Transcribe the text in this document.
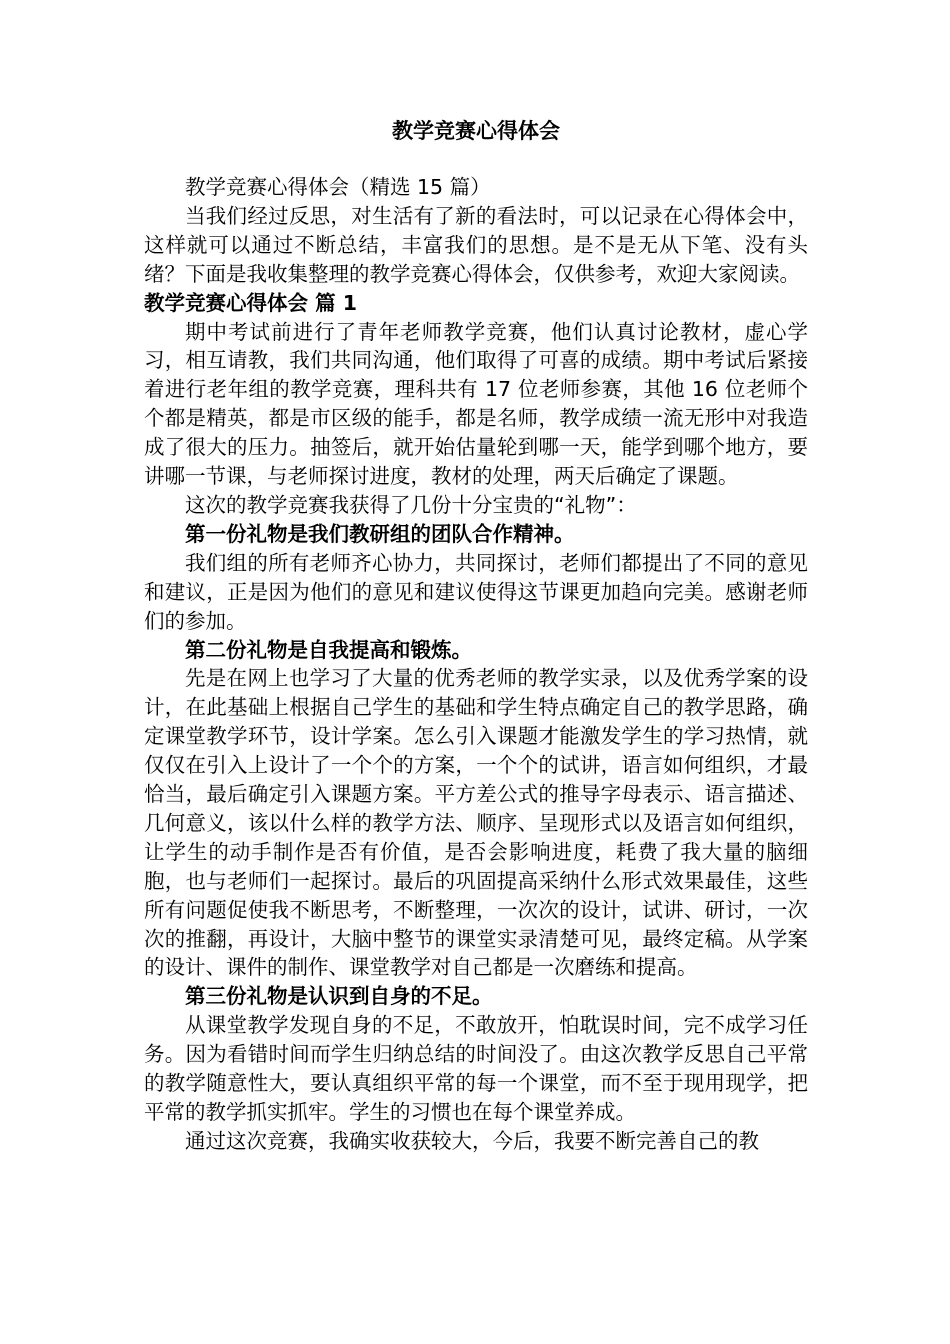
教学竞赛心得体会

教学竞赛心得体会（精选 15 篇）

当我们经过反思，对生活有了新的看法时，可以记录在心得体会中，这样就可以通过不断总结，丰富我们的思想。是不是无从下笔、没有头绪？下面是我收集整理的教学竞赛心得体会，仅供参考，欢迎大家阅读。

教学竞赛心得体会 篇 1

期中考试前进行了青年老师教学竞赛，他们认真讨论教材，虚心学习，相互请教，我们共同沟通，他们取得了可喜的成绩。期中考试后紧接着进行老年组的教学竞赛，理科共有 17 位老师参赛，其他 16 位老师个个都是精英，都是市区级的能手，都是名师，教学成绩一流无形中对我造成了很大的压力。抽签后，就开始估量轮到哪一天，能学到哪个地方，要讲哪一节课，与老师探讨进度，教材的处理，两天后确定了课题。

这次的教学竞赛我获得了几份十分宝贵的“礼物”：

第一份礼物是我们教研组的团队合作精神。

我们组的所有老师齐心协力，共同探讨，老师们都提出了不同的意见和建议，正是因为他们的意见和建议使得这节课更加趋向完美。感谢老师们的参加。

第二份礼物是自我提高和锻炼。

先是在网上也学习了大量的优秀老师的教学实录，以及优秀学案的设计，在此基础上根据自己学生的基础和学生特点确定自己的教学思路，确定课堂教学环节，设计学案。怎么引入课题才能激发学生的学习热情，就仅仅在引入上设计了一个个的方案，一个个的试讲，语言如何组织，才最恰当，最后确定引入课题方案。平方差公式的推导字母表示、语言描述、几何意义，该以什么样的教学方法、顺序、呈现形式以及语言如何组织，让学生的动手制作是否有价值，是否会影响进度，耗费了我大量的脑细胞，也与老师们一起探讨。最后的巩固提高采纳什么形式效果最佳，这些所有问题促使我不断思考，不断整理，一次次的设计，试讲、研讨，一次次的推翻，再设计，大脑中整节的课堂实录清楚可见，最终定稿。从学案的设计、课件的制作、课堂教学对自己都是一次磨练和提高。

第三份礼物是认识到自身的不足。

从课堂教学发现自身的不足，不敢放开，怕耽误时间，完不成学习任务。因为看错时间而学生归纳总结的时间没了。由这次教学反思自己平常的教学随意性大，要认真组织平常的每一个课堂，而不至于现用现学，把平常的教学抓实抓牢。学生的习惯也在每个课堂养成。

通过这次竞赛，我确实收获较大，今后，我要不断完善自己的教
